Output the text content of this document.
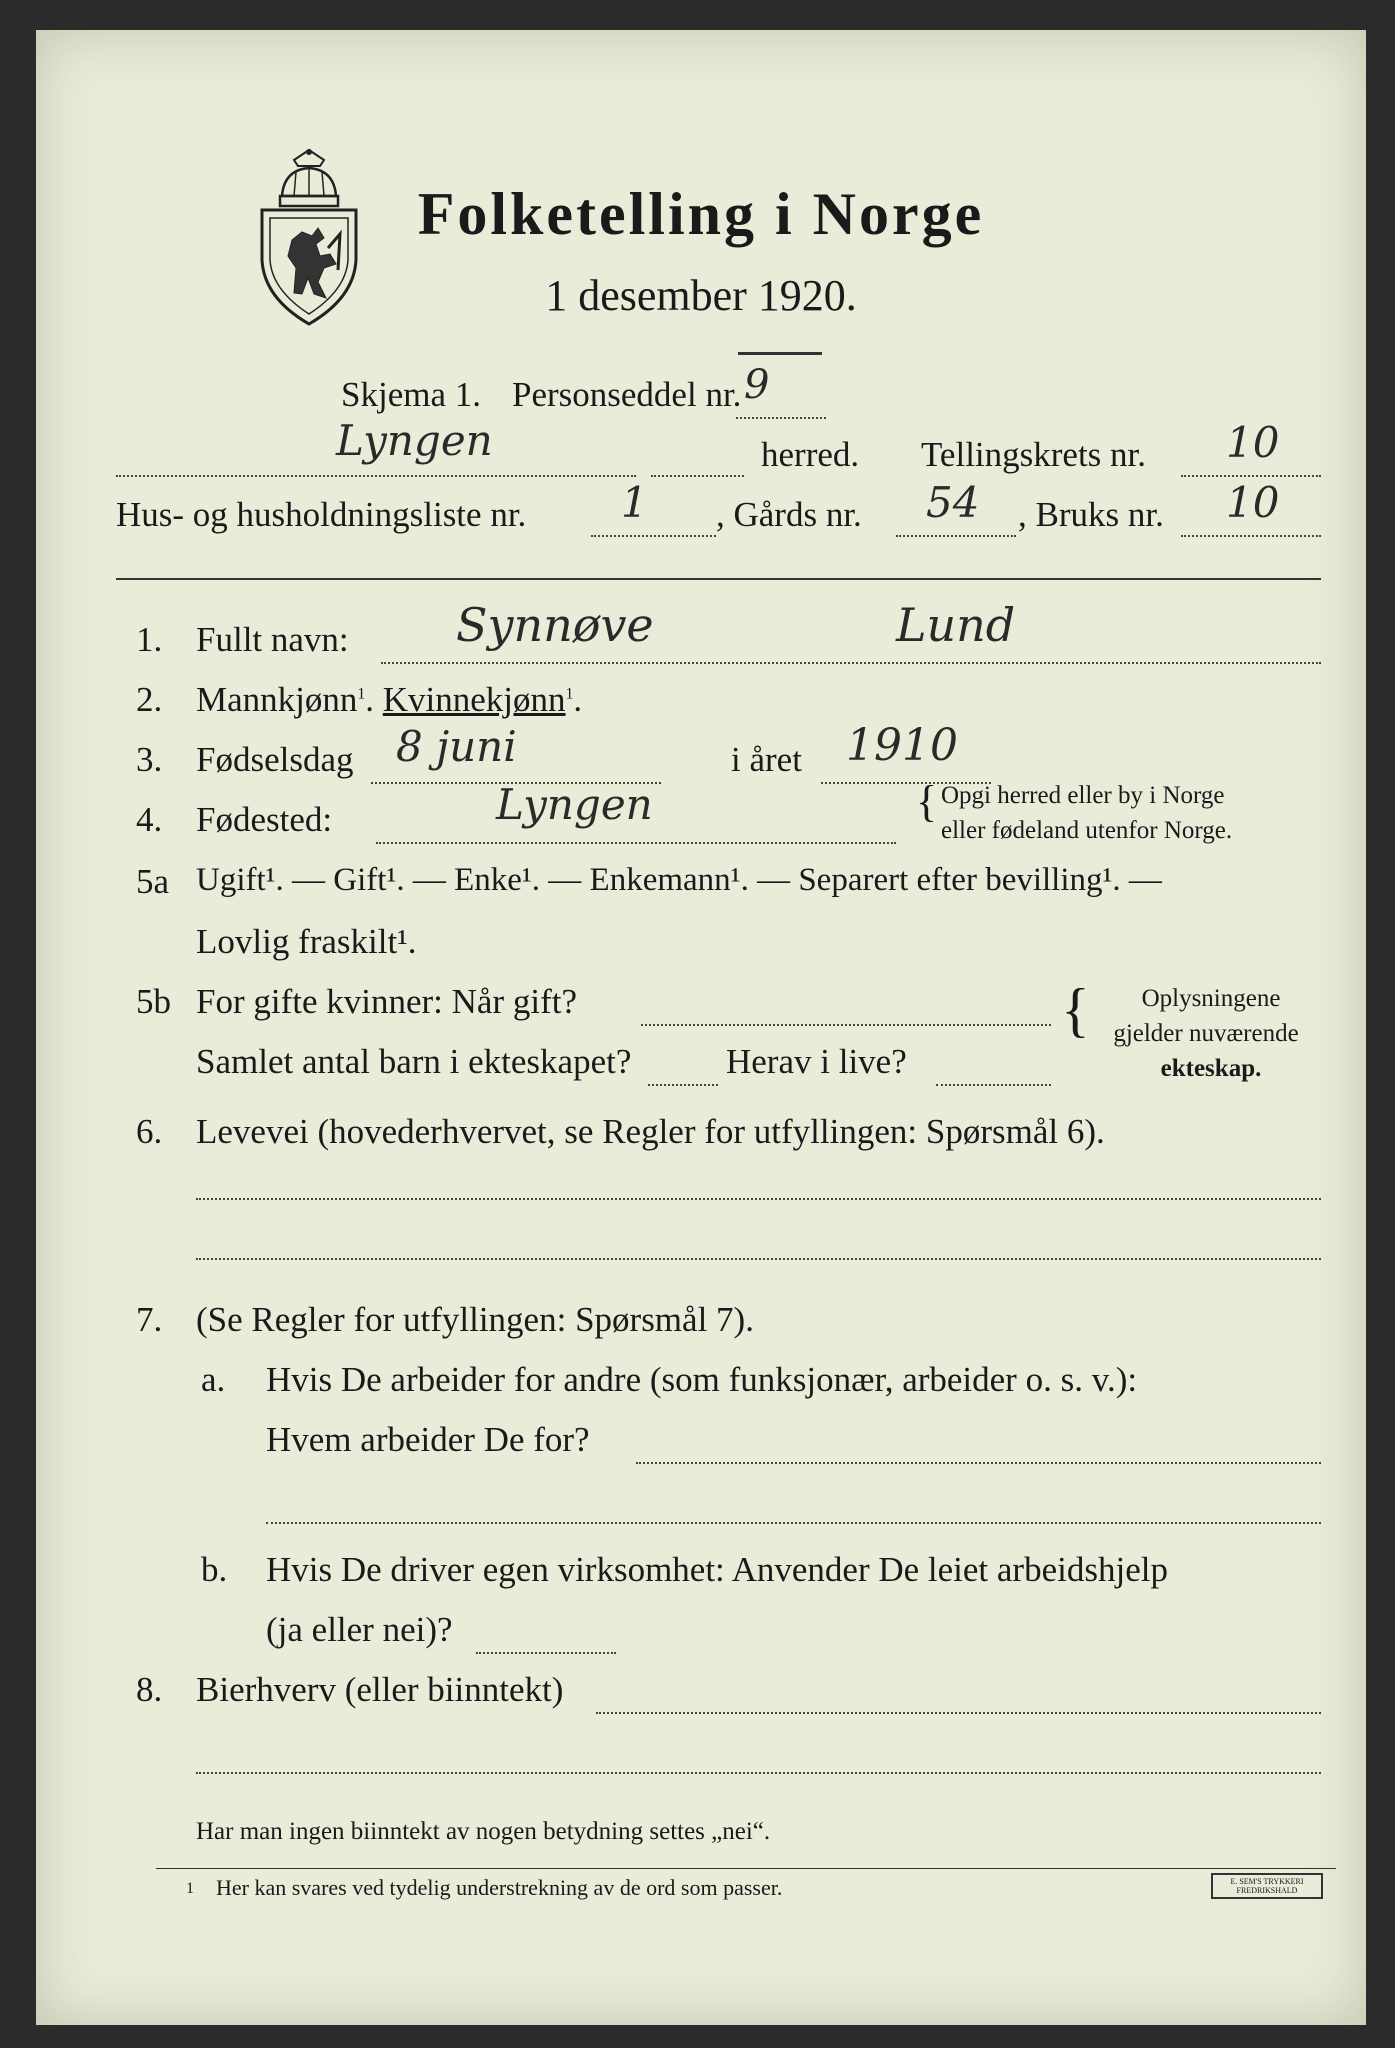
Folketelling i Norge
1 desember 1920.
Skjema 1. Personseddel nr. 9
Lyngen	herred. Tellingskrets nr. 10
Hus- og husholdningsliste nr. 1 , Gårds nr. 54 , Bruks nr. 10
1. Fullt navn: Synnøve	Lund
2. Mannkjønn$^1$. Kvinnekjønn$^1$.
3. Fødselsdag 8 juni	i året 1910
4. Fødested:	Lyngen	{ Opgi herred eller by i Norge
eller fødeland utenfor Norge.
5a Ugift¹. — Gift¹. — Enke¹. — Enkemann¹. — Separert efter bevilling¹. —
Lovlig fraskilt¹.
5b For gifte kvinner: Når gift?
Samlet antal barn i ekteskapet?	Herav i live?
{	Oplysningene
gjelder nuværende
ekteskap.
6. Levevei (hovederhvervet, se Regler for utfyllingen: Spørsmål 6).
7. (Se Regler for utfyllingen: Spørsmål 7).
a. Hvis De arbeider for andre (som funksjonær, arbeider o. s. v.):
Hvem arbeider De for?
b. Hvis De driver egen virksomhet: Anvender De leiet arbeidshjelp
(ja eller nei)?
8. Bierhverv (eller biinntekt)
Har man ingen biinntekt av nogen betydning settes „nei“.
1 Her kan svares ved tydelig understrekning av de ord som passer.	E. SEM'S TRYKKERI
FREDRIKSHALD
